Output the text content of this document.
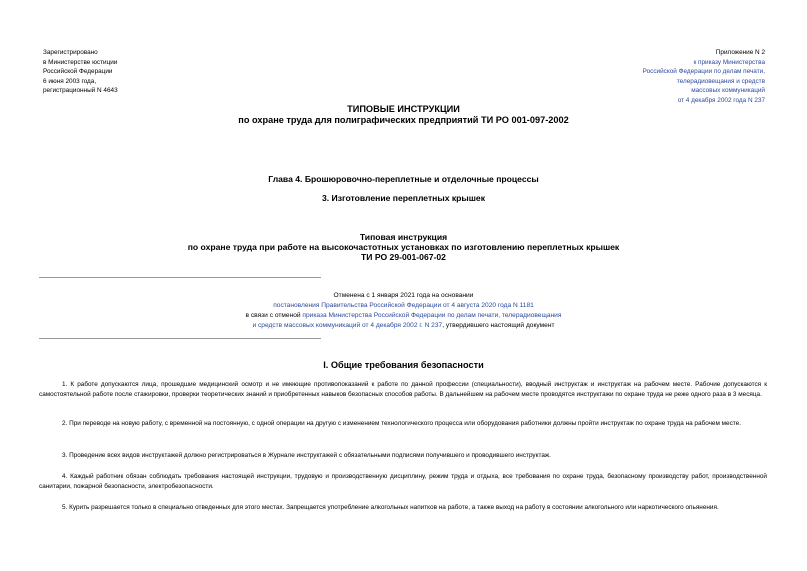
Зарегистрировано
в Министерстве юстиции
Российской Федерации
6 июня 2003 года,
регистрационный N 4643
Приложение N 2
к приказу Министерства
Российской Федерации по делам печати,
телерадиовещания и средств
массовых коммуникаций
от 4 декабря 2002 года N 237
ТИПОВЫЕ ИНСТРУКЦИИ
по охране труда для полиграфических предприятий ТИ РО 001-097-2002
Глава 4. Брошюровочно-переплетные и отделочные процессы
3. Изготовление переплетных крышек
Типовая инструкция
по охране труда при работе на высокочастотных установках по изготовлению переплетных крышек
ТИ РО 29-001-067-02
Отменена с 1 января 2021 года на основании
постановления Правительства Российской Федерации от 4 августа 2020 года N 1181
в связи с отменой приказа Министерства Российской Федерации по делам печати, телерадиовещания
и средств массовых коммуникаций от 4 декабря 2002 г. N 237, утвердившего настоящий документ
I. Общие требования безопасности
1. К работе допускаются лица, прошедшие медицинский осмотр и не имеющие противопоказаний к работе по данной профессии (специальности), вводный инструктаж и инструктаж на рабочем месте. Рабочие допускаются к самостоятельной работе после стажировки, проверки теоретических знаний и приобретенных навыков безопасных способов работы. В дальнейшем на рабочем месте проводятся инструктажи по охране труда не реже одного раза в 3 месяца.
2. При переводе на новую работу, с временной на постоянную, с одной операции на другую с изменением технологического процесса или оборудования работники должны пройти инструктаж по охране труда на рабочем месте.
3. Проведение всех видов инструктажей должно регистрироваться в Журнале инструктажей с обязательными подписями получившего и проводившего инструктаж.
4. Каждый работник обязан соблюдать требования настоящей инструкции, трудовую и производственную дисциплину, режим труда и отдыха, все требования по охране труда, безопасному производству работ, производственной санитарии, пожарной безопасности, электробезопасности.
5. Курить разрешается только в специально отведенных для этого местах. Запрещается употребление алкогольных напитков на работе, а также выход на работу в состоянии алкогольного или наркотического опьянения.
